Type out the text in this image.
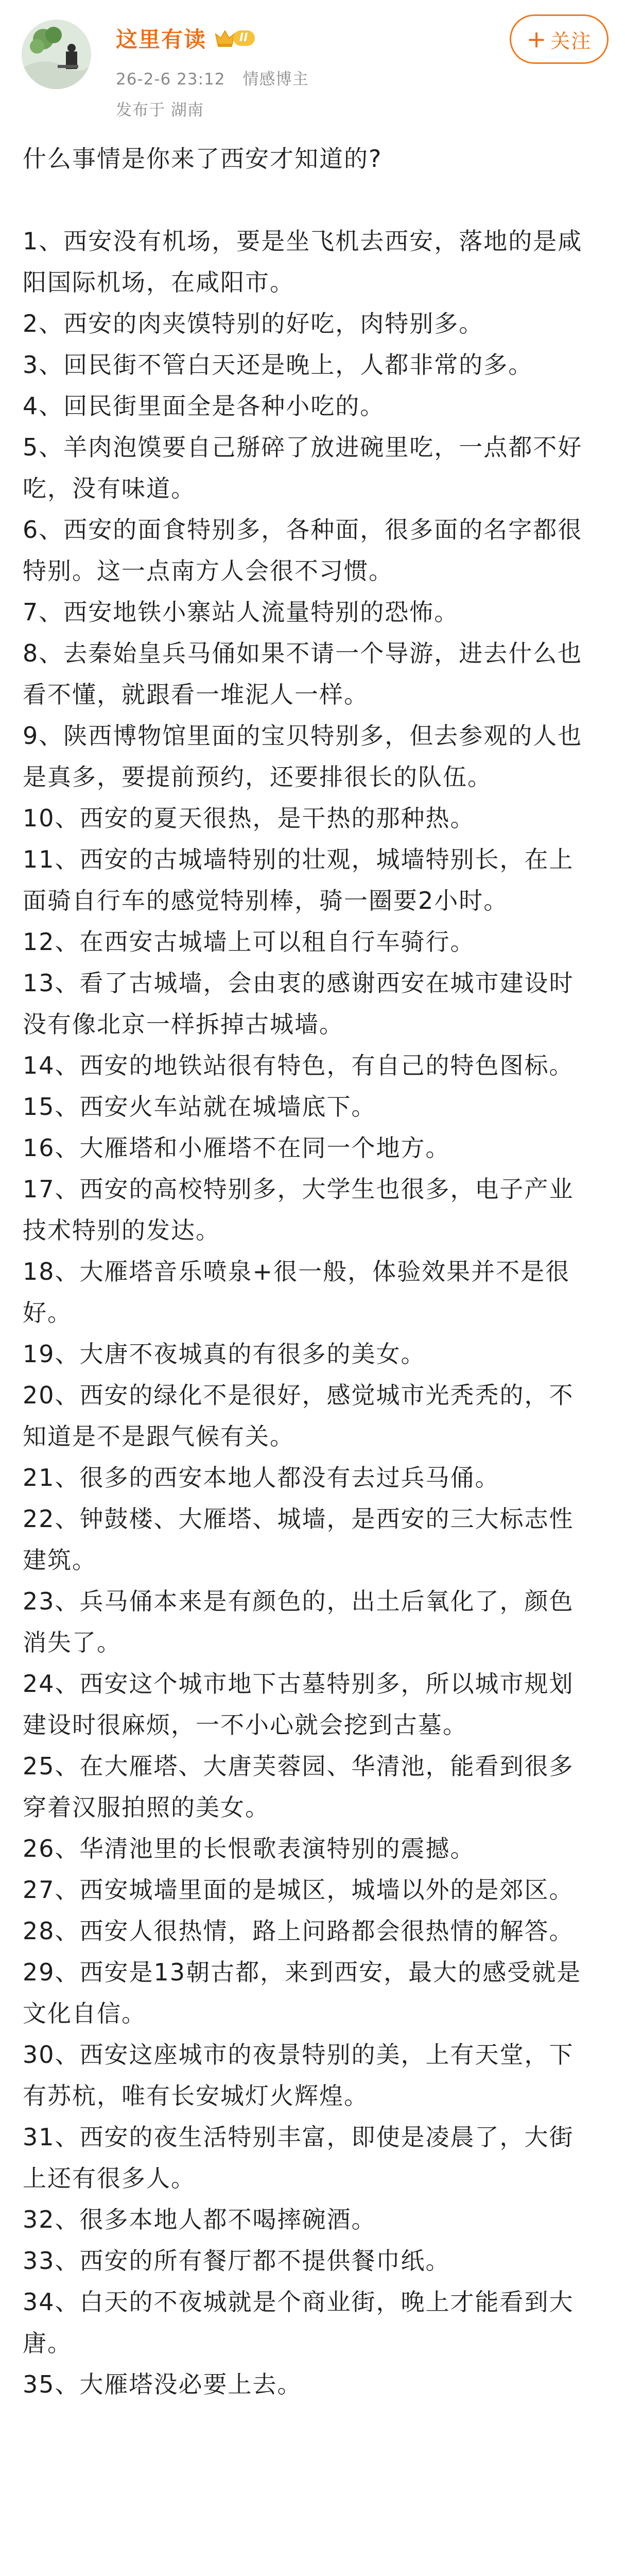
这里有读	II
26-2-6 23:12 情感博主
发布于 湖南
+ 关注

什么事情是你来了西安才知道的?

1、西安没有机场，要是坐飞机去西安，落地的是咸阳国际机场，在咸阳市。

2、西安的肉夹馍特别的好吃，肉特别多。

3、回民街不管白天还是晚上，人都非常的多。

4、回民街里面全是各种小吃的。

5、羊肉泡馍要自己掰碎了放进碗里吃，一点都不好吃，没有味道。

6、西安的面食特别多，各种面，很多面的名字都很特别。这一点南方人会很不习惯。

7、西安地铁小寨站人流量特别的恐怖。

8、去秦始皇兵马俑如果不请一个导游，进去什么也看不懂，就跟看一堆泥人一样。

9、陕西博物馆里面的宝贝特别多，但去参观的人也是真多，要提前预约，还要排很长的队伍。

10、西安的夏天很热，是干热的那种热。

11、西安的古城墙特别的壮观，城墙特别长，在上面骑自行车的感觉特别棒，骑一圈要2小时。

12、在西安古城墙上可以租自行车骑行。

13、看了古城墙，会由衷的感谢西安在城市建设时没有像北京一样拆掉古城墙。

14、西安的地铁站很有特色，有自己的特色图标。

15、西安火车站就在城墙底下。

16、大雁塔和小雁塔不在同一个地方。

17、西安的高校特别多，大学生也很多，电子产业技术特别的发达。

18、大雁塔音乐喷泉+很一般，体验效果并不是很好。

19、大唐不夜城真的有很多的美女。

20、西安的绿化不是很好，感觉城市光秃秃的，不知道是不是跟气候有关。

21、很多的西安本地人都没有去过兵马俑。

22、钟鼓楼、大雁塔、城墙，是西安的三大标志性建筑。

23、兵马俑本来是有颜色的，出土后氧化了，颜色消失了。

24、西安这个城市地下古墓特别多，所以城市规划建设时很麻烦，一不小心就会挖到古墓。

25、在大雁塔、大唐芙蓉园、华清池，能看到很多穿着汉服拍照的美女。

26、华清池里的长恨歌表演特别的震撼。

27、西安城墙里面的是城区，城墙以外的是郊区。

28、西安人很热情，路上问路都会很热情的解答。

29、西安是13朝古都，来到西安，最大的感受就是文化自信。

30、西安这座城市的夜景特别的美，上有天堂，下有苏杭，唯有长安城灯火辉煌。

31、西安的夜生活特别丰富，即使是凌晨了，大街上还有很多人。

32、很多本地人都不喝摔碗酒。

33、西安的所有餐厅都不提供餐巾纸。

34、白天的不夜城就是个商业街，晚上才能看到大唐。

35、大雁塔没必要上去。
